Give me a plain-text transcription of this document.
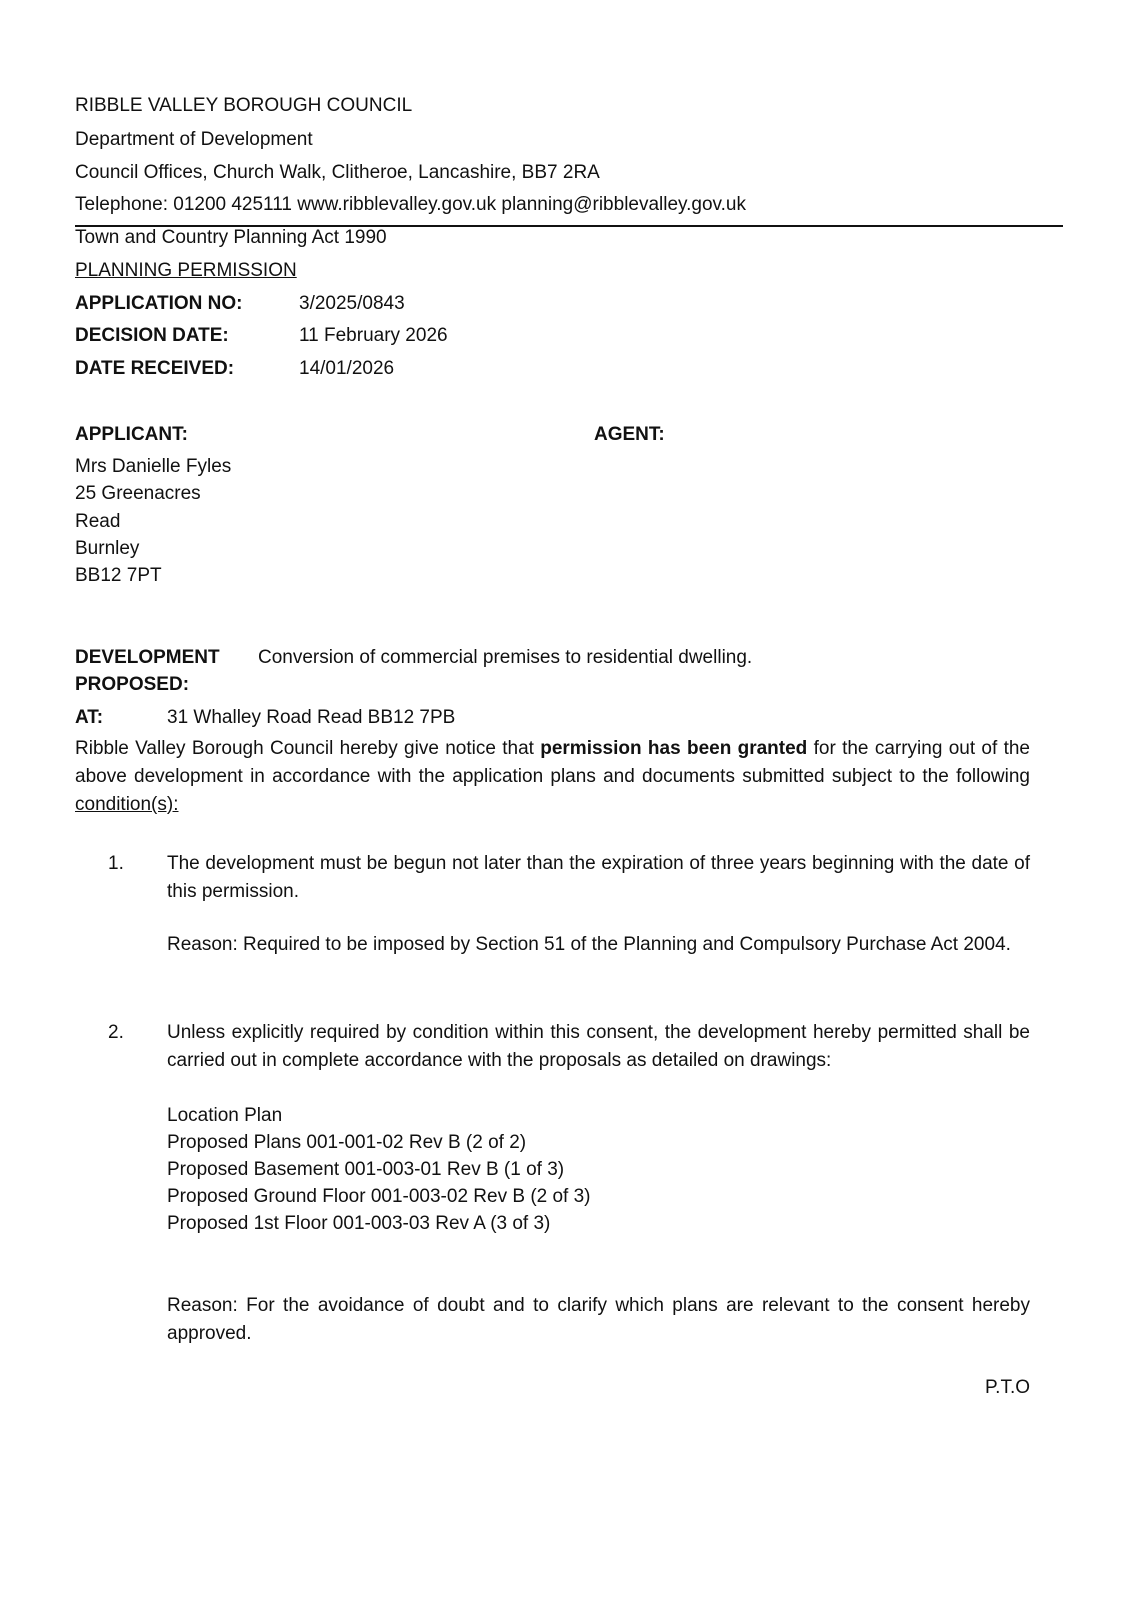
RIBBLE VALLEY BOROUGH COUNCIL
Department of Development
Council Offices, Church Walk, Clitheroe, Lancashire, BB7 2RA
Telephone: 01200 425111 www.ribblevalley.gov.uk planning@ribblevalley.gov.uk
Town and Country Planning Act 1990
PLANNING PERMISSION
APPLICATION NO:	3/2025/0843
DECISION DATE:	11 February 2026
DATE RECEIVED:	14/01/2026
APPLICANT:	AGENT:
Mrs Danielle Fyles
25 Greenacres
Read
Burnley
BB12 7PT
DEVELOPMENT
PROPOSED:
Conversion of commercial premises to residential dwelling.
AT:	31 Whalley Road Read BB12 7PB
Ribble Valley Borough Council hereby give notice that permission has been granted for the carrying out of the above development in accordance with the application plans and documents submitted subject to the following condition(s):
1. The development must be begun not later than the expiration of three years beginning with the date of this permission.
Reason: Required to be imposed by Section 51 of the Planning and Compulsory Purchase Act 2004.
2. Unless explicitly required by condition within this consent, the development hereby permitted shall be carried out in complete accordance with the proposals as detailed on drawings:
Location Plan
Proposed Plans 001-001-02 Rev B (2 of 2)
Proposed Basement 001-003-01 Rev B (1 of 3)
Proposed Ground Floor 001-003-02 Rev B (2 of 3)
Proposed 1st Floor 001-003-03 Rev A (3 of 3)
Reason: For the avoidance of doubt and to clarify which plans are relevant to the consent hereby approved.
P.T.O
